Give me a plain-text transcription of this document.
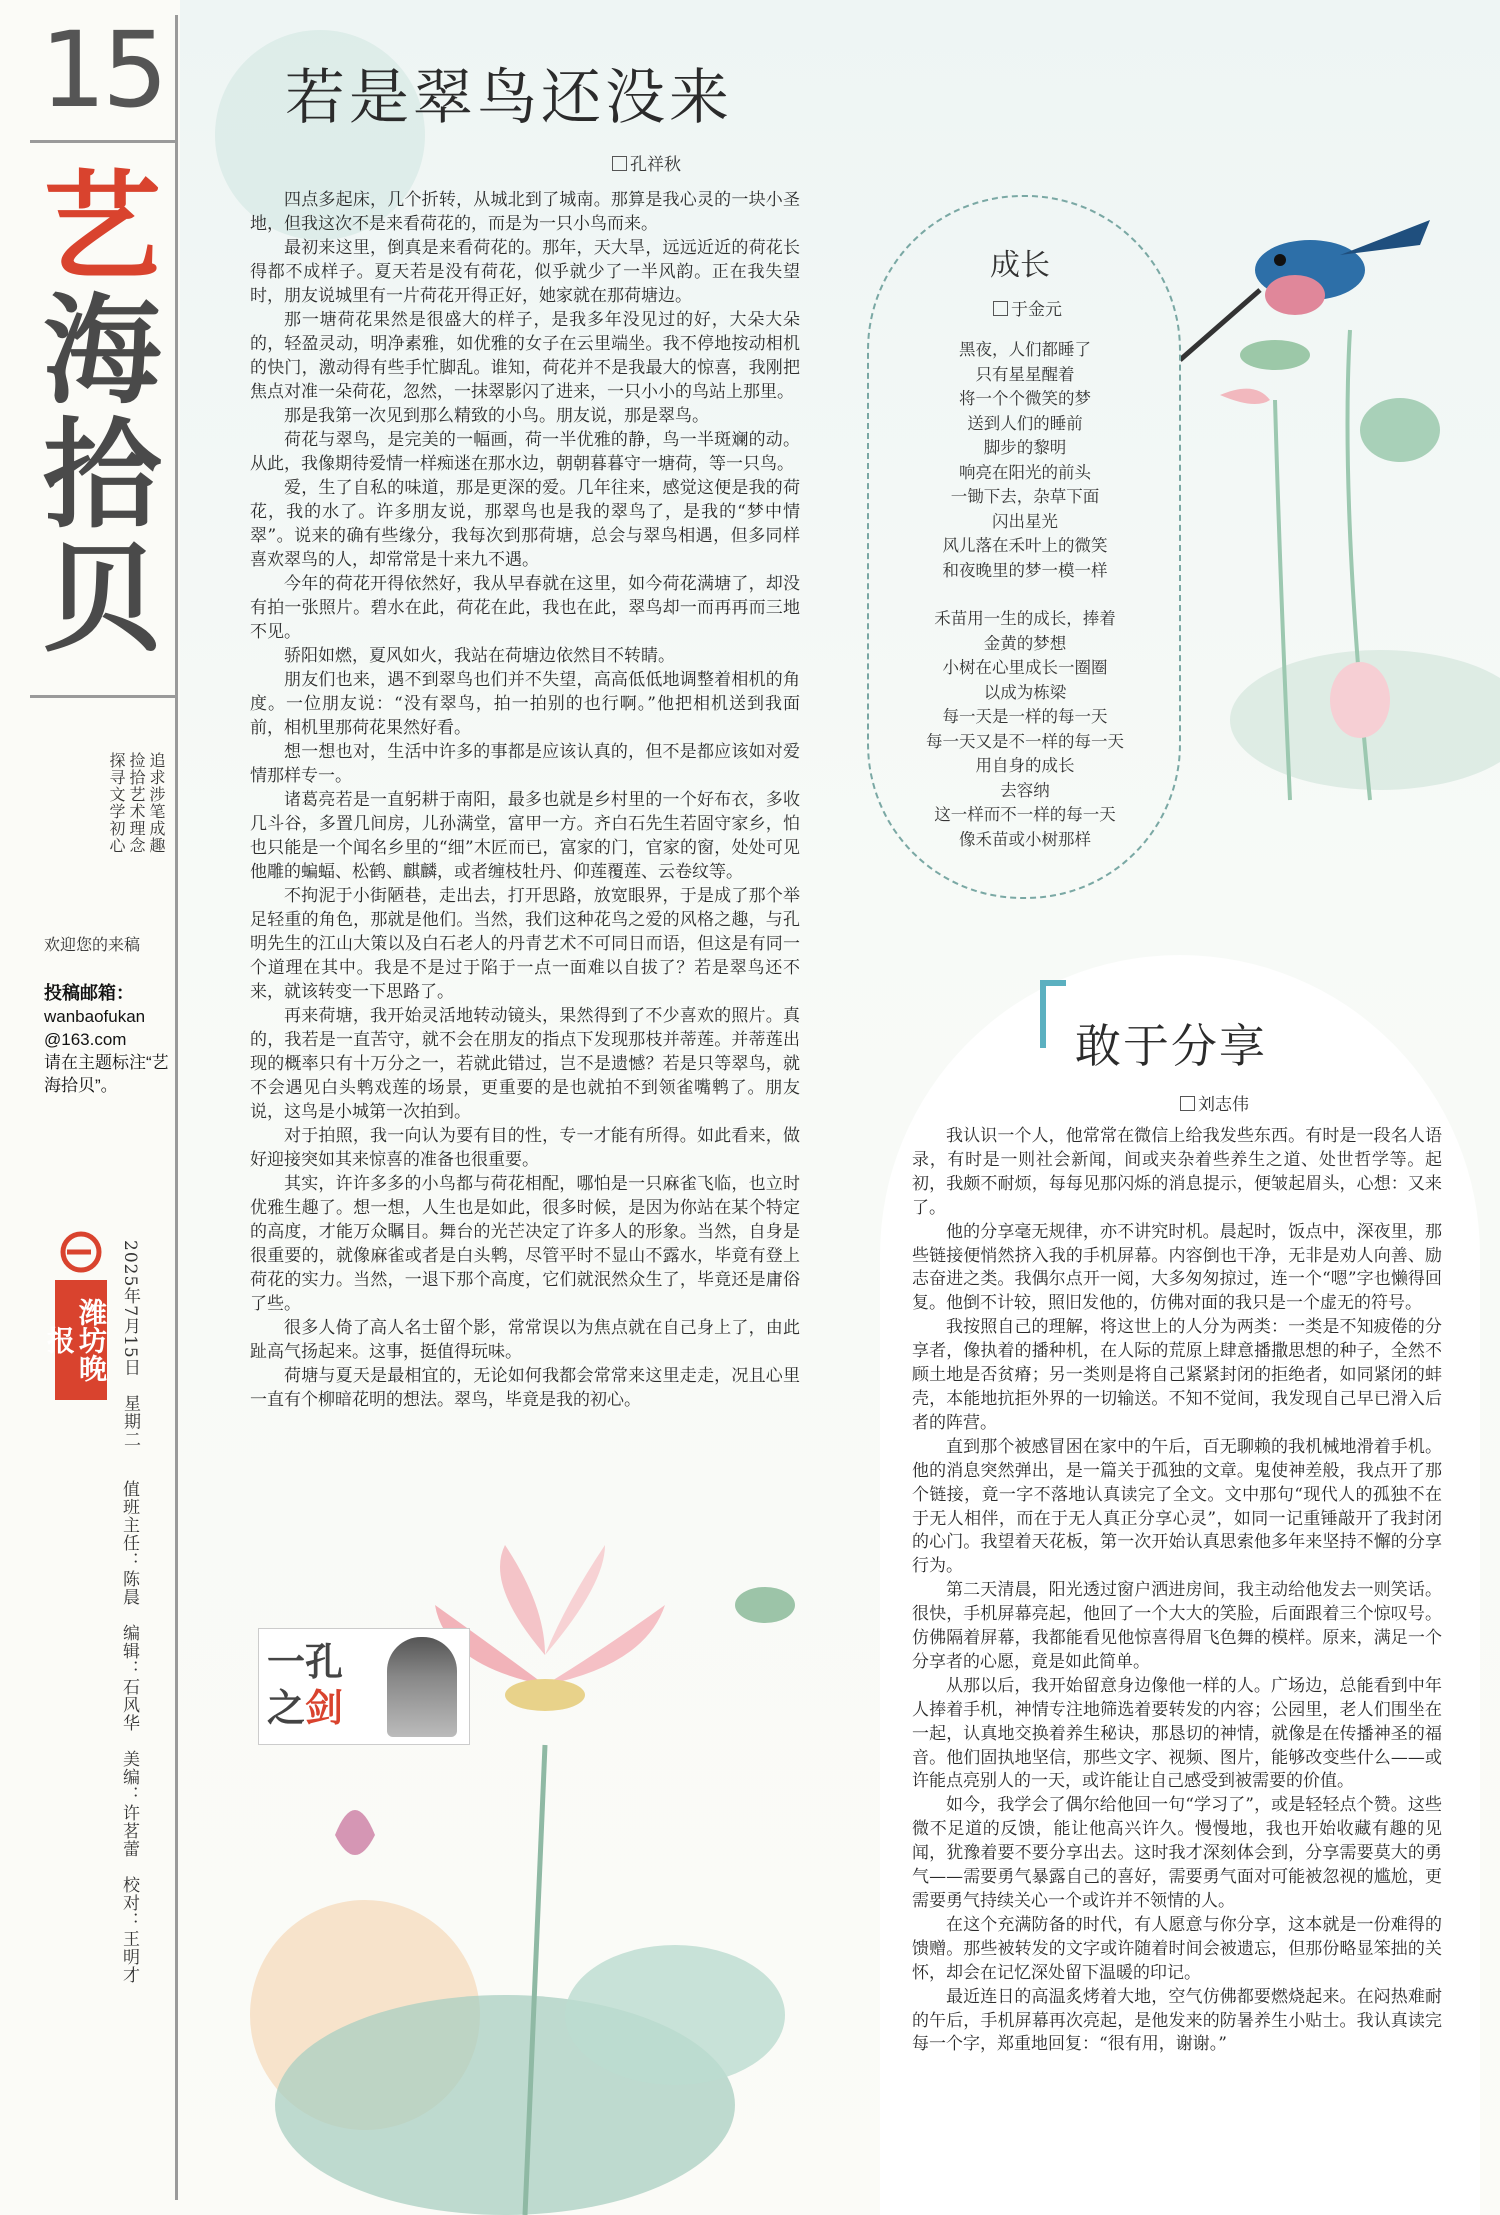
15
艺
海
拾
贝
追求涉笔成趣
捡拾艺术理念
探寻文学初心
欢迎您的来稿
投稿邮箱：
wanbaofukan
@163.com
请在主题标注“艺海拾贝”。
潍坊晚报	2025年7月15日　星期二
值班主任：陈晨　编辑：石风华　美编：许茗蕾　校对：王明才
若是翠鸟还没来
孔祥秋

四点多起床，几个折转，从城北到了城南。那算是我心灵的一块小圣地，但我这次不是来看荷花的，而是为一只小鸟而来。

最初来这里，倒真是来看荷花的。那年，天大旱，远远近近的荷花长得都不成样子。夏天若是没有荷花，似乎就少了一半风韵。正在我失望时，朋友说城里有一片荷花开得正好，她家就在那荷塘边。

那一塘荷花果然是很盛大的样子，是我多年没见过的好，大朵大朵的，轻盈灵动，明净素雅，如优雅的女子在云里端坐。我不停地按动相机的快门，激动得有些手忙脚乱。谁知，荷花并不是我最大的惊喜，我刚把焦点对准一朵荷花，忽然，一抹翠影闪了进来，一只小小的鸟站上那里。

那是我第一次见到那么精致的小鸟。朋友说，那是翠鸟。

荷花与翠鸟，是完美的一幅画，荷一半优雅的静，鸟一半斑斓的动。从此，我像期待爱情一样痴迷在那水边，朝朝暮暮守一塘荷，等一只鸟。

爱，生了自私的味道，那是更深的爱。几年往来，感觉这便是我的荷花，我的水了。许多朋友说，那翠鸟也是我的翠鸟了，是我的“梦中情翠”。说来的确有些缘分，我每次到那荷塘，总会与翠鸟相遇，但多同样喜欢翠鸟的人，却常常是十来九不遇。

今年的荷花开得依然好，我从早春就在这里，如今荷花满塘了，却没有拍一张照片。碧水在此，荷花在此，我也在此，翠鸟却一而再再而三地不见。

骄阳如燃，夏风如火，我站在荷塘边依然目不转睛。

朋友们也来，遇不到翠鸟也们并不失望，高高低低地调整着相机的角度。一位朋友说：“没有翠鸟，拍一拍别的也行啊。”他把相机送到我面前，相机里那荷花果然好看。

想一想也对，生活中许多的事都是应该认真的，但不是都应该如对爱情那样专一。

诸葛亮若是一直躬耕于南阳，最多也就是乡村里的一个好布衣，多收几斗谷，多置几间房，儿孙满堂，富甲一方。齐白石先生若固守家乡，怕也只能是一个闻名乡里的“细”木匠而已，富家的门，官家的窗，处处可见他雕的蝙蝠、松鹤、麒麟，或者缠枝牡丹、仰莲覆莲、云卷纹等。

不拘泥于小街陋巷，走出去，打开思路，放宽眼界，于是成了那个举足轻重的角色，那就是他们。当然，我们这种花鸟之爱的风格之趣，与孔明先生的江山大策以及白石老人的丹青艺术不可同日而语，但这是有同一个道理在其中。我是不是过于陷于一点一面难以自拔了？若是翠鸟还不来，就该转变一下思路了。

再来荷塘，我开始灵活地转动镜头，果然得到了不少喜欢的照片。真的，我若是一直苦守，就不会在朋友的指点下发现那枝并蒂莲。并蒂莲出现的概率只有十万分之一，若就此错过，岂不是遗憾？若是只等翠鸟，就不会遇见白头鹎戏莲的场景，更重要的是也就拍不到领雀嘴鹎了。朋友说，这鸟是小城第一次拍到。

对于拍照，我一向认为要有目的性，专一才能有所得。如此看来，做好迎接突如其来惊喜的准备也很重要。

其实，许许多多的小鸟都与荷花相配，哪怕是一只麻雀飞临，也立时优雅生趣了。想一想，人生也是如此，很多时候，是因为你站在某个特定的高度，才能万众瞩目。舞台的光芒决定了许多人的形象。当然，自身是很重要的，就像麻雀或者是白头鹎，尽管平时不显山不露水，毕竟有登上荷花的实力。当然，一退下那个高度，它们就泯然众生了，毕竟还是庸俗了些。

很多人倚了高人名士留个影，常常误以为焦点就在自己身上了，由此趾高气扬起来。这事，挺值得玩味。

荷塘与夏天是最相宜的，无论如何我都会常常来这里走走，况且心里一直有个柳暗花明的想法。翠鸟，毕竟是我的初心。

成长
于金元
黑夜，人们都睡了
只有星星醒着
将一个个微笑的梦
送到人们的睡前
脚步的黎明
响亮在阳光的前头
一锄下去，杂草下面
闪出星光
风儿落在禾叶上的微笑
和夜晚里的梦一模一样
禾苗用一生的成长，捧着
金黄的梦想
小树在心里成长一圈圈
以成为栋梁
每一天是一样的每一天
每一天又是不一样的每一天
用自身的成长
去容纳
这一样而不一样的每一天
像禾苗或小树那样
一孔
之剑
敢于分享
刘志伟

我认识一个人，他常常在微信上给我发些东西。有时是一段名人语录，有时是一则社会新闻，间或夹杂着些养生之道、处世哲学等。起初，我颇不耐烦，每每见那闪烁的消息提示，便皱起眉头，心想：又来了。

他的分享毫无规律，亦不讲究时机。晨起时，饭点中，深夜里，那些链接便悄然挤入我的手机屏幕。内容倒也干净，无非是劝人向善、励志奋进之类。我偶尔点开一阅，大多匆匆掠过，连一个“嗯”字也懒得回复。他倒不计较，照旧发他的，仿佛对面的我只是一个虚无的符号。

我按照自己的理解，将这世上的人分为两类：一类是不知疲倦的分享者，像执着的播种机，在人际的荒原上肆意播撒思想的种子，全然不顾土地是否贫瘠；另一类则是将自己紧紧封闭的拒绝者，如同紧闭的蚌壳，本能地抗拒外界的一切输送。不知不觉间，我发现自己早已滑入后者的阵营。

直到那个被感冒困在家中的午后，百无聊赖的我机械地滑着手机。他的消息突然弹出，是一篇关于孤独的文章。鬼使神差般，我点开了那个链接，竟一字不落地认真读完了全文。文中那句“现代人的孤独不在于无人相伴，而在于无人真正分享心灵”，如同一记重锤敲开了我封闭的心门。我望着天花板，第一次开始认真思索他多年来坚持不懈的分享行为。

第二天清晨，阳光透过窗户洒进房间，我主动给他发去一则笑话。很快，手机屏幕亮起，他回了一个大大的笑脸，后面跟着三个惊叹号。仿佛隔着屏幕，我都能看见他惊喜得眉飞色舞的模样。原来，满足一个分享者的心愿，竟是如此简单。

从那以后，我开始留意身边像他一样的人。广场边，总能看到中年人捧着手机，神情专注地筛选着要转发的内容；公园里，老人们围坐在一起，认真地交换着养生秘诀，那恳切的神情，就像是在传播神圣的福音。他们固执地坚信，那些文字、视频、图片，能够改变些什么——或许能点亮别人的一天，或许能让自己感受到被需要的价值。

如今，我学会了偶尔给他回一句“学习了”，或是轻轻点个赞。这些微不足道的反馈，能让他高兴许久。慢慢地，我也开始收藏有趣的见闻，犹豫着要不要分享出去。这时我才深刻体会到，分享需要莫大的勇气——需要勇气暴露自己的喜好，需要勇气面对可能被忽视的尴尬，更需要勇气持续关心一个或许并不领情的人。

在这个充满防备的时代，有人愿意与你分享，这本就是一份难得的馈赠。那些被转发的文字或许随着时间会被遗忘，但那份略显笨拙的关怀，却会在记忆深处留下温暖的印记。

最近连日的高温炙烤着大地，空气仿佛都要燃烧起来。在闷热难耐的午后，手机屏幕再次亮起，是他发来的防暑养生小贴士。我认真读完每一个字，郑重地回复：“很有用，谢谢。”
